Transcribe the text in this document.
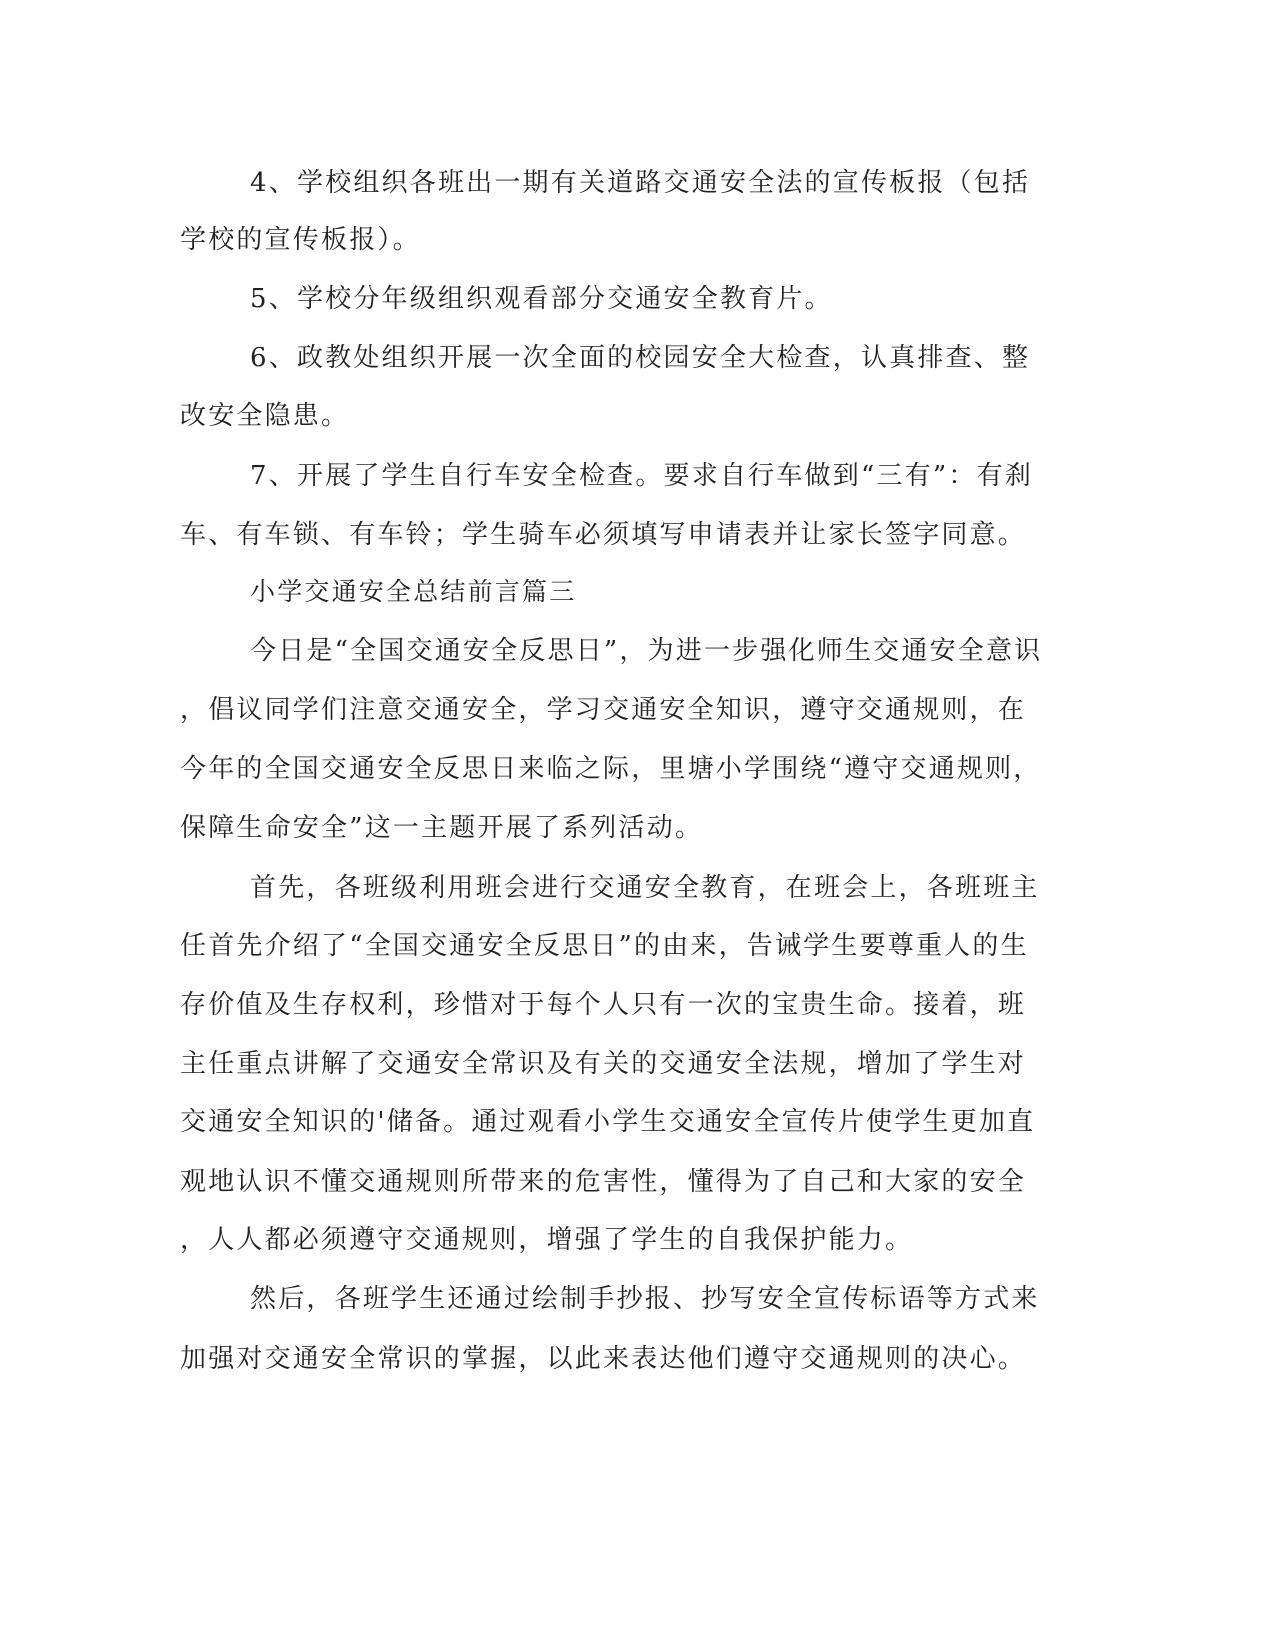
4、学校组织各班出一期有关道路交通安全法的宣传板报（包括
学校的宣传板报）。
5、学校分年级组织观看部分交通安全教育片。
6、政教处组织开展一次全面的校园安全大检查，认真排查、整
改安全隐患。
7、开展了学生自行车安全检查。要求自行车做到“三有”：有刹
车、有车锁、有车铃；学生骑车必须填写申请表并让家长签字同意。
小学交通安全总结前言篇三
今日是“全国交通安全反思日”，为进一步强化师生交通安全意识
，倡议同学们注意交通安全，学习交通安全知识，遵守交通规则，在
今年的全国交通安全反思日来临之际，里塘小学围绕“遵守交通规则，
保障生命安全”这一主题开展了系列活动。
首先，各班级利用班会进行交通安全教育，在班会上，各班班主
任首先介绍了“全国交通安全反思日”的由来，告诫学生要尊重人的生
存价值及生存权利，珍惜对于每个人只有一次的宝贵生命。接着，班
主任重点讲解了交通安全常识及有关的交通安全法规，增加了学生对
交通安全知识的'储备。通过观看小学生交通安全宣传片使学生更加直
观地认识不懂交通规则所带来的危害性，懂得为了自己和大家的安全
，人人都必须遵守交通规则，增强了学生的自我保护能力。
然后，各班学生还通过绘制手抄报、抄写安全宣传标语等方式来
加强对交通安全常识的掌握，以此来表达他们遵守交通规则的决心。
